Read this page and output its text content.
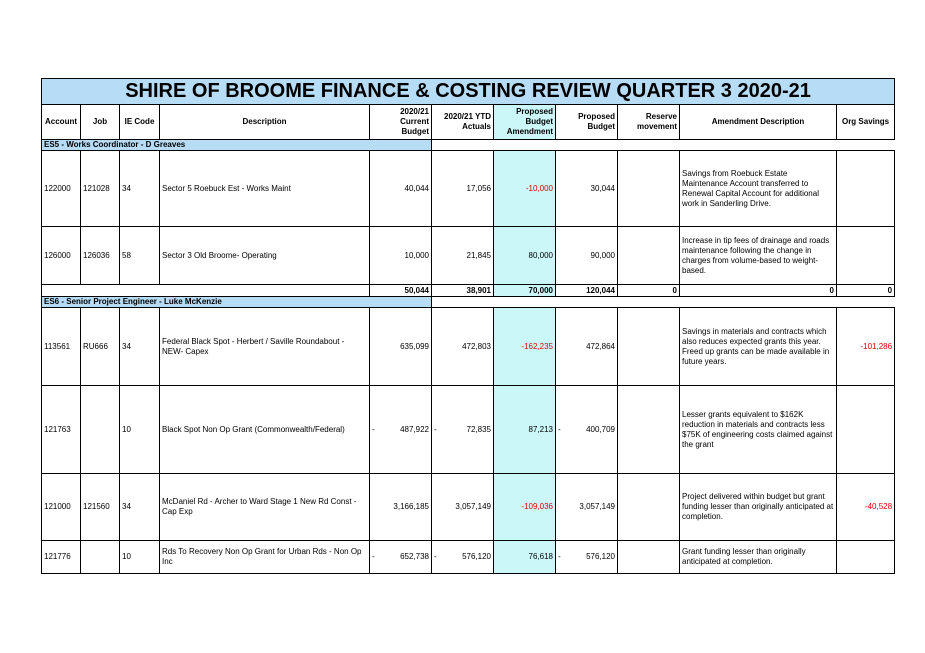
SHIRE OF BROOME FINANCE & COSTING REVIEW QUARTER 3 2020-21										
Account	Job	IE Code	Description	2020/21 Current Budget	2020/21 YTD Actuals	Proposed Budget Amendment	Proposed Budget	Reserve movement	Amendment Description	Org Savings
ES5 - Works Coordinator - D Greaves										
122000	121028	34	Sector 5 Roebuck Est - Works Maint	40,044	17,056	-10,000	30,044		Savings from Roebuck Estate Maintenance Account transferred to Renewal Capital Account for additional work in Sanderling Drive.	
126000	126036	58	Sector 3 Old Broome- Operating	10,000	21,845	80,000	90,000		Increase in tip fees of drainage and roads maintenance following the change in charges from volume-based to weight-based.	
				50,044	38,901	70,000	120,044	0	0	0
ES6 - Senior Project Engineer - Luke McKenzie										
113561	RU666	34	Federal Black Spot - Herbert / Saville Roundabout - NEW- Capex	635,099	472,803	-162,235	472,864		Savings in materials and contracts which also reduces expected grants this year. Freed up grants can be made available in future years.	-101,286
121763		10	Black Spot Non Op Grant (Commonwealth/Federal)	- 487,922	- 72,835	87,213	- 400,709		Lesser grants equivalent to $162K reduction in materials and contracts less $75K of engineering costs claimed against the grant	
121000	121560	34	McDaniel Rd - Archer to Ward Stage 1 New Rd Const - Cap Exp	3,166,185	3,057,149	-109,036	3,057,149		Project delivered within budget but grant funding lesser than originally anticipated at completion.	-40,528
121776		10	Rds To Recovery Non Op Grant for Urban Rds - Non Op Inc	- 652,738	- 576,120	76,618	- 576,120		Grant funding lesser than originally anticipated at completion.	
